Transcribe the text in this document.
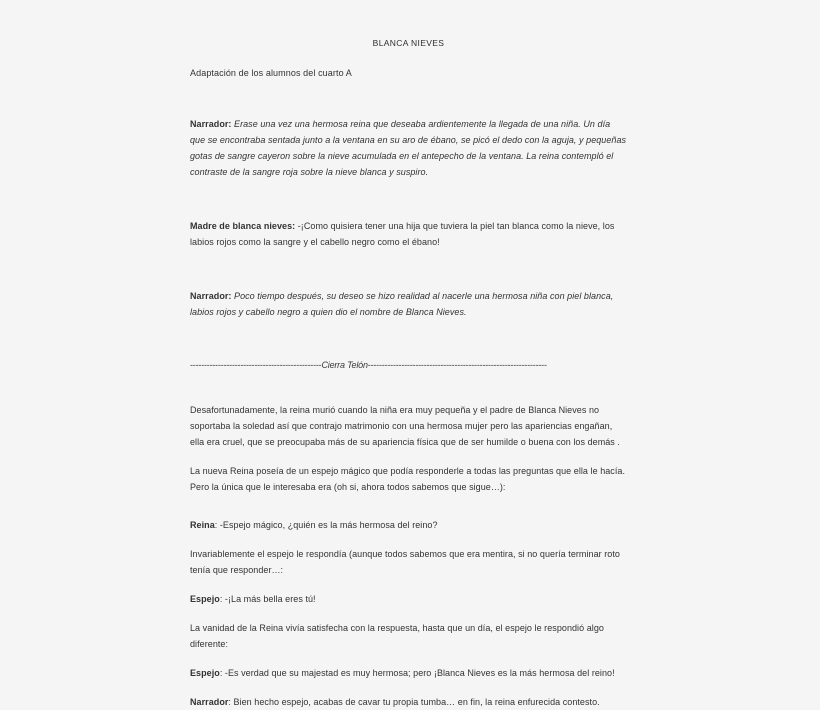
BLANCA NIEVES
Adaptación de los alumnos del cuarto A

Narrador: Erase una vez una hermosa reina que deseaba ardientemente la llegada de una niña. Un día que se encontraba sentada junto a la ventana en su aro de ébano, se picó el dedo con la aguja, y pequeñas gotas de sangre cayeron sobre la nieve acumulada en el antepecho de la ventana. La reina contempló el contraste de la sangre roja sobre la nieve blanca y suspiro.

Madre de blanca nieves: -¡Como quisiera tener una hija que tuviera la piel tan blanca como la nieve, los labios rojos como la sangre y el cabello negro como el ébano!

Narrador: Poco tiempo después, su deseo se hizo realidad al nacerle una hermosa niña con piel blanca, labios rojos y cabello negro a quien dio el nombre de Blanca Nieves.

-----------------------------------------------Cierra Telón----------------------------------------------------------------

Desafortunadamente, la reina murió cuando la niña era muy pequeña y el padre de Blanca Nieves no soportaba la soledad así que contrajo matrimonio con una hermosa mujer pero las apariencias engañan, ella era cruel, que se preocupaba más de su apariencia física que de ser humilde o buena con los demás .

La nueva Reina poseía de un espejo mágico que podía responderle a todas las preguntas que ella le hacía. Pero la única que le interesaba era (oh si, ahora todos sabemos que sigue…):

Reina: -Espejo mágico, ¿quién es la más hermosa del reino?

Invariablemente el espejo le respondía (aunque todos sabemos que era mentira, si no quería terminar roto tenía que responder…:

Espejo: -¡La más bella eres tú!

La vanidad de la Reina vivía satisfecha con la respuesta, hasta que un día, el espejo le respondió algo diferente:

Espejo: -Es verdad que su majestad es muy hermosa; pero ¡Blanca Nieves es la más hermosa del reino!

Narrador: Bien hecho espejo, acabas de cavar tu propia tumba… en fin, la reina enfurecida contesto.
